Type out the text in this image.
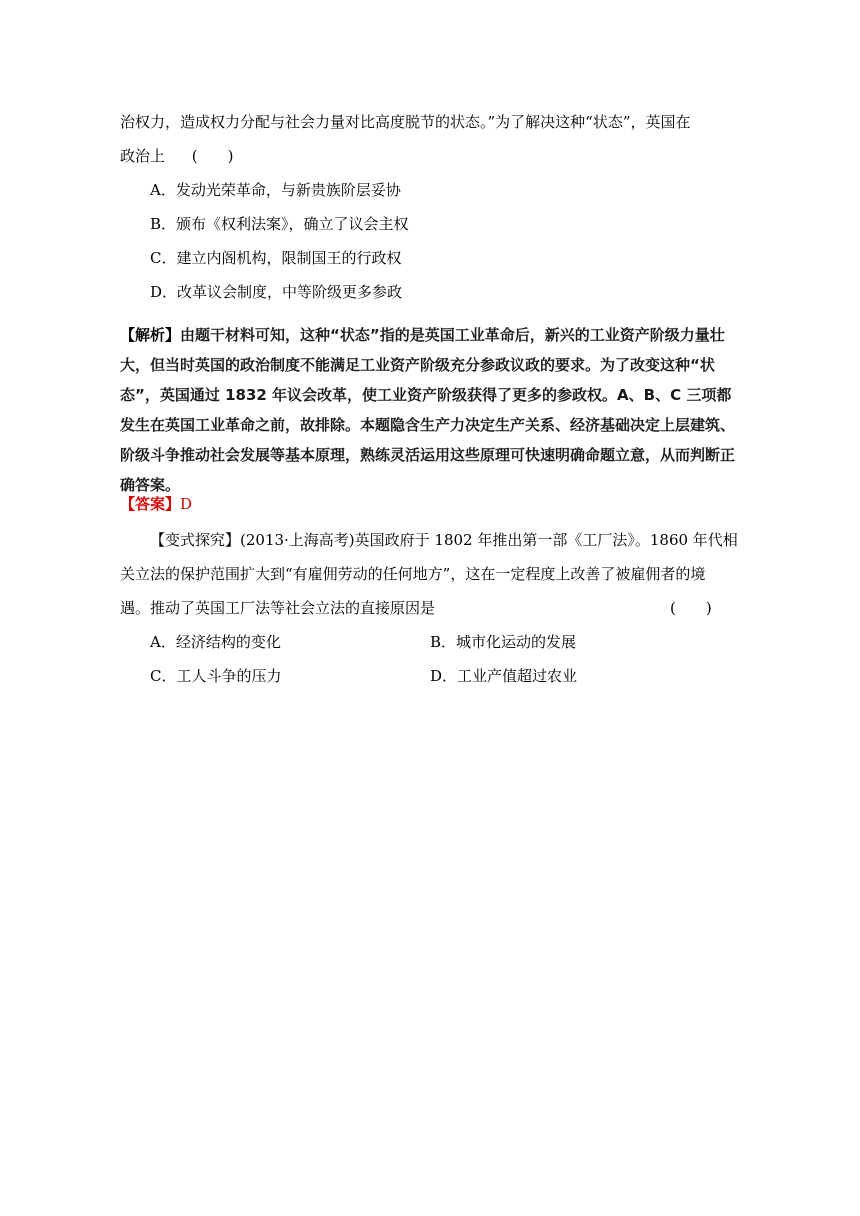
治权力，造成权力分配与社会力量对比高度脱节的状态。”为了解决这种“状态”，英国在
政治上 (　　)
A．发动光荣革命，与新贵族阶层妥协
B．颁布《权利法案》，确立了议会主权
C．建立内阁机构，限制国王的行政权
D．改革议会制度，中等阶级更多参政
【解析】由题干材料可知，这种“状态”指的是英国工业革命后，新兴的工业资产阶级力量壮大，但当时英国的政治制度不能满足工业资产阶级充分参政议政的要求。为了改变这种“状态”，英国通过 1832 年议会改革，使工业资产阶级获得了更多的参政权。A、B、C 三项都发生在英国工业革命之前，故排除。本题隐含生产力决定生产关系、经济基础决定上层建筑、阶级斗争推动社会发展等基本原理，熟练灵活运用这些原理可快速明确命题立意，从而判断正确答案。
【答案】D
【变式探究】(2013·上海高考)英国政府于 1802 年推出第一部《工厂法》。1860 年代相
关立法的保护范围扩大到“有雇佣劳动的任何地方”，这在一定程度上改善了被雇佣者的境
遇。推动了英国工厂法等社会立法的直接原因是	(　　)
A．经济结构的变化	B．城市化运动的发展
C．工人斗争的压力	D．工业产值超过农业
